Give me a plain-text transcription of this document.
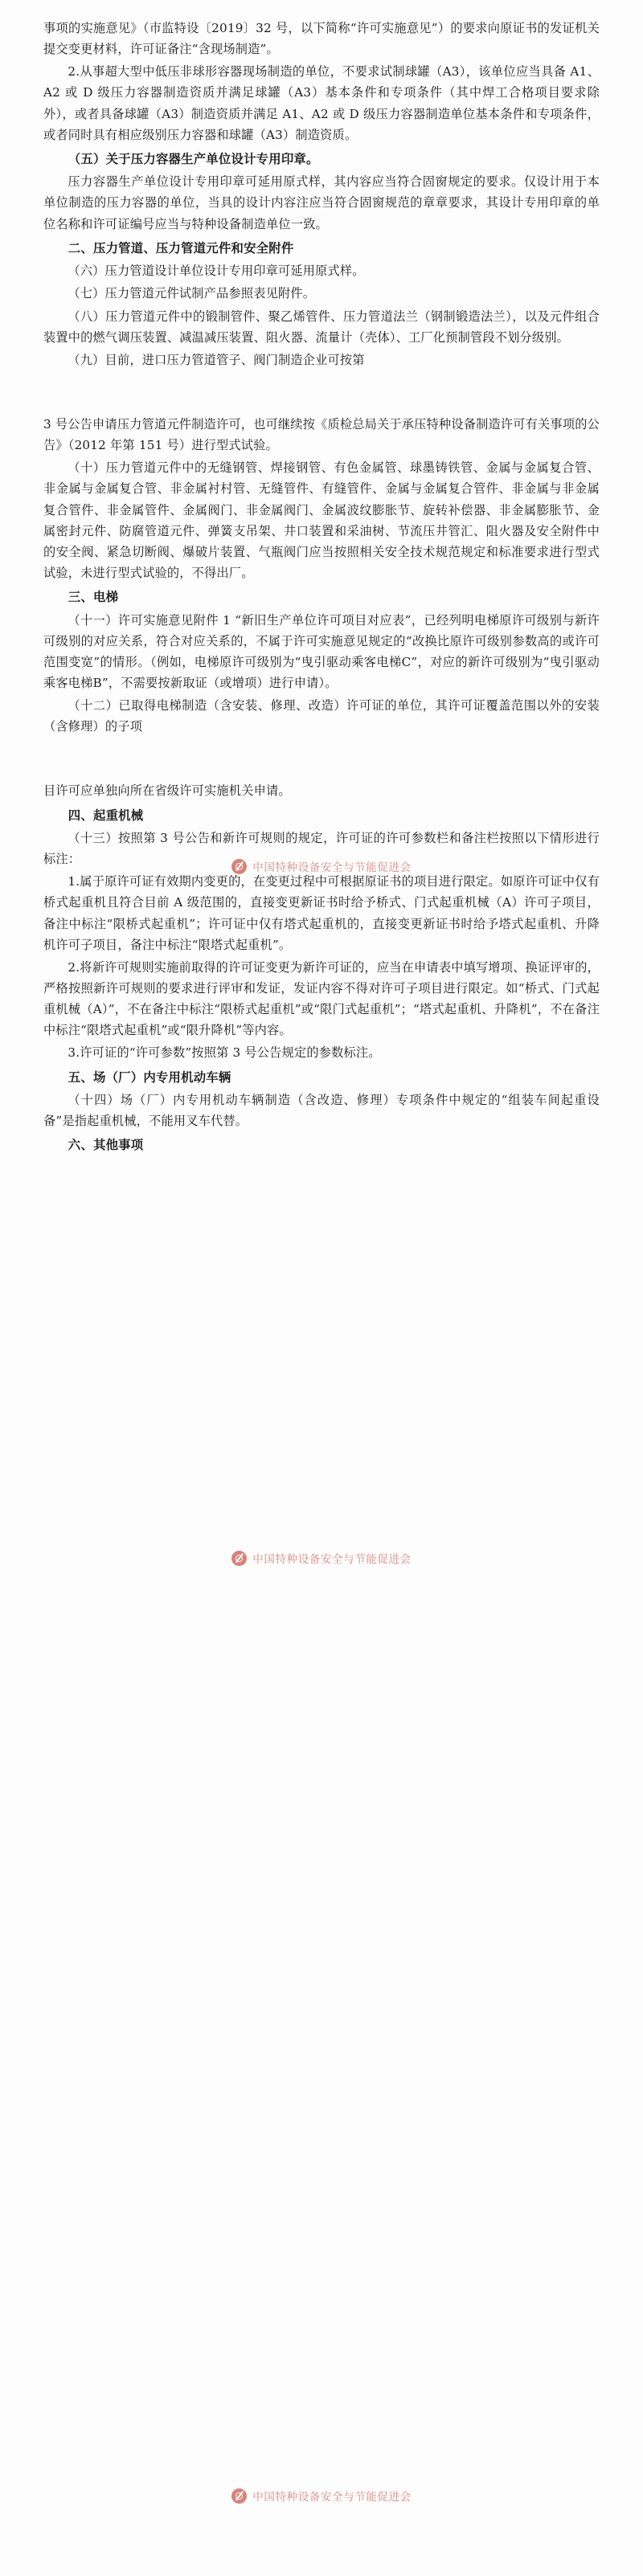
事项的实施意见》（市监特设〔2019〕32 号，以下简称“许可实施意见”）的要求向原证书的发证机关提交变更材料，许可证备注“含现场制造”。

2.从事超大型中低压非球形容器现场制造的单位，不要求试制球罐（A3），该单位应当具备 A1、A2 或 D 级压力容器制造资质并满足球罐（A3）基本条件和专项条件（其中焊工合格项目要求除外），或者具备球罐（A3）制造资质并满足 A1、A2 或 D 级压力容器制造单位基本条件和专项条件，或者同时具有相应级别压力容器和球罐（A3）制造资质。

（五）关于压力容器生产单位设计专用印章。

压力容器生产单位设计专用印章可延用原式样，其内容应当符合固窗规定的要求。仅设计用于本单位制造的压力容器的单位，当具的设计内容注应当符合固窗规范的章章要求，其设计专用印章的单位名称和许可证编号应当与特种设备制造单位一致。

二、压力管道、压力管道元件和安全附件

（六）压力管道设计单位设计专用印章可延用原式样。

（七）压力管道元件试制产品参照表见附件。

（八）压力管道元件中的锻制管件、聚乙烯管件、压力管道法兰（钢制锻造法兰），以及元件组合装置中的燃气调压装置、减温减压装置、阻火器、流量计（壳体）、工厂化预制管段不划分级别。

（九）目前，进口压力管道管子、阀门制造企业可按第

3 号公告申请压力管道元件制造许可，也可继续按《质检总局关于承压特种设备制造许可有关事项的公告》（2012 年第 151 号）进行型式试验。

（十）压力管道元件中的无缝钢管、焊接钢管、有色金属管、球墨铸铁管、金属与金属复合管、非金属与金属复合管、非金属衬村管、无缝管件、有缝管件、金属与金属复合管件、非金属与非金属复合管件、非金属管件、金属阀门、非金属阀门、金属波纹膨胀节、旋转补偿器、非金属膨胀节、金属密封元件、防腐管道元件、弹簧支吊架、井口装置和采油树、节流压井管汇、阻火器及安全附件中的安全阀、紧急切断阀、爆破片装置、气瓶阀门应当按照相关安全技术规范规定和标准要求进行型式试验，未进行型式试验的，不得出厂。

三、电梯

（十一）许可实施意见附件 1 “新旧生产单位许可项目对应表”，已经列明电梯原许可级别与新许可级别的对应关系，符合对应关系的，不属于许可实施意见规定的“改换比原许可级别参数高的或许可范围变宽”的情形。（例如，电梯原许可级别为“曳引驱动乘客电梯C”，对应的新许可级别为“曳引驱动乘客电梯B”，不需要按新取证（或增项）进行申请）。

（十二）已取得电梯制造（含安装、修理、改造）许可证的单位，其许可证覆盖范围以外的安装（含修理）的子项

目许可应单独向所在省级许可实施机关申请。

四、起重机械

（十三）按照第 3 号公告和新许可规则的规定，许可证的许可参数栏和备注栏按照以下情形进行标注：

1.属于原许可证有效期内变更的，在变更过程中可根据原证书的项目进行限定。如原许可证中仅有桥式起重机且符合目前 A 级范围的，直接变更新证书时给予桥式、门式起重机械（A）许可子项目，备注中标注“限桥式起重机”；许可证中仅有塔式起重机的，直接变更新证书时给予塔式起重机、升降机许可子项目，备注中标注“限塔式起重机”。

2.将新许可规则实施前取得的许可证变更为新许可证的，应当在申请表中填写增项、换证评审的，严格按照新许可规则的要求进行评审和发证，发证内容不得对许可子项目进行限定。如“桥式、门式起重机械（A）”，不在备注中标注“限桥式起重机”或“限门式起重机”；“塔式起重机、升降机”，不在备注中标注“限塔式起重机”或“限升降机”等内容。

3.许可证的“许可参数”按照第 3 号公告规定的参数标注。

五、场（厂）内专用机动车辆

（十四）场（厂）内专用机动车辆制造（含改造、修理）专项条件中规定的“组装车间起重设备”是指起重机械，不能用叉车代替。

六、其他事项

中国特种设备安全与节能促进会
中国特种设备安全与节能促进会
中国特种设备安全与节能促进会
